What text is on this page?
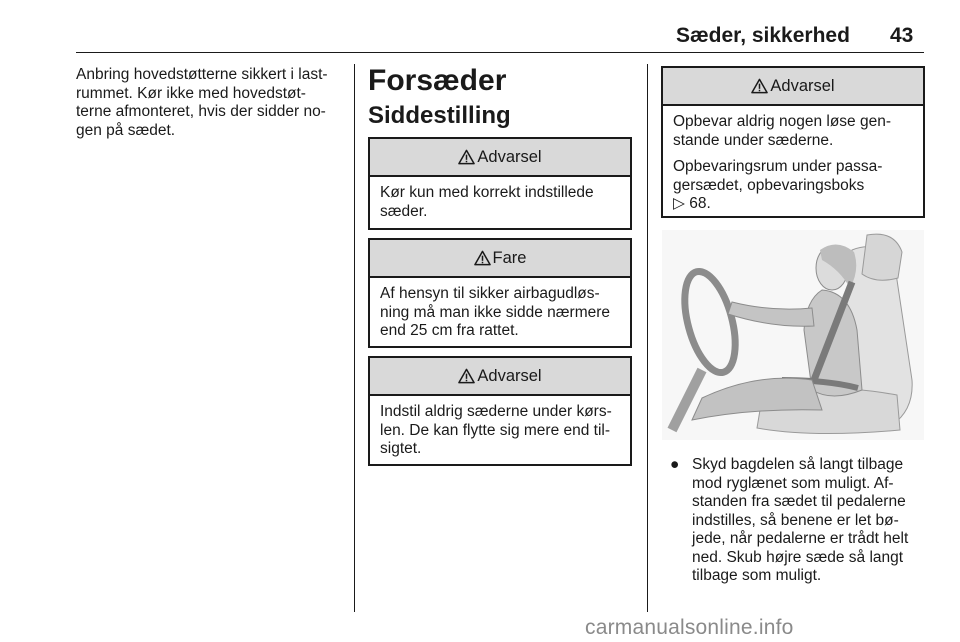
Sæder, sikkerhed 43

Anbring hovedstøtterne sikkert i last-
rummet. Kør ikke med hovedstøt-
terne afmonteret, hvis der sidder no-
gen på sædet.

Forsæder
Siddestilling
Advarsel
Kør kun med korrekt indstillede
sæder.
Fare
Af hensyn til sikker airbagudløs-
ning må man ikke sidde nærmere
end 25 cm fra rattet.
Advarsel
Indstil aldrig sæderne under kørs-
len. De kan flytte sig mere end til-
sigtet.
Advarsel

Opbevar aldrig nogen løse gen-
stande under sæderne.

Opbevaringsrum under passa-
gersædet, opbevaringsboks
▷ 68.

● Skyd bagdelen så langt tilbage
mod ryglænet som muligt. Af-
standen fra sædet til pedalerne
indstilles, så benene er let bø-
jede, når pedalerne er trådt helt
ned. Skub højre sæde så langt
tilbage som muligt.
carmanualsonline.info
